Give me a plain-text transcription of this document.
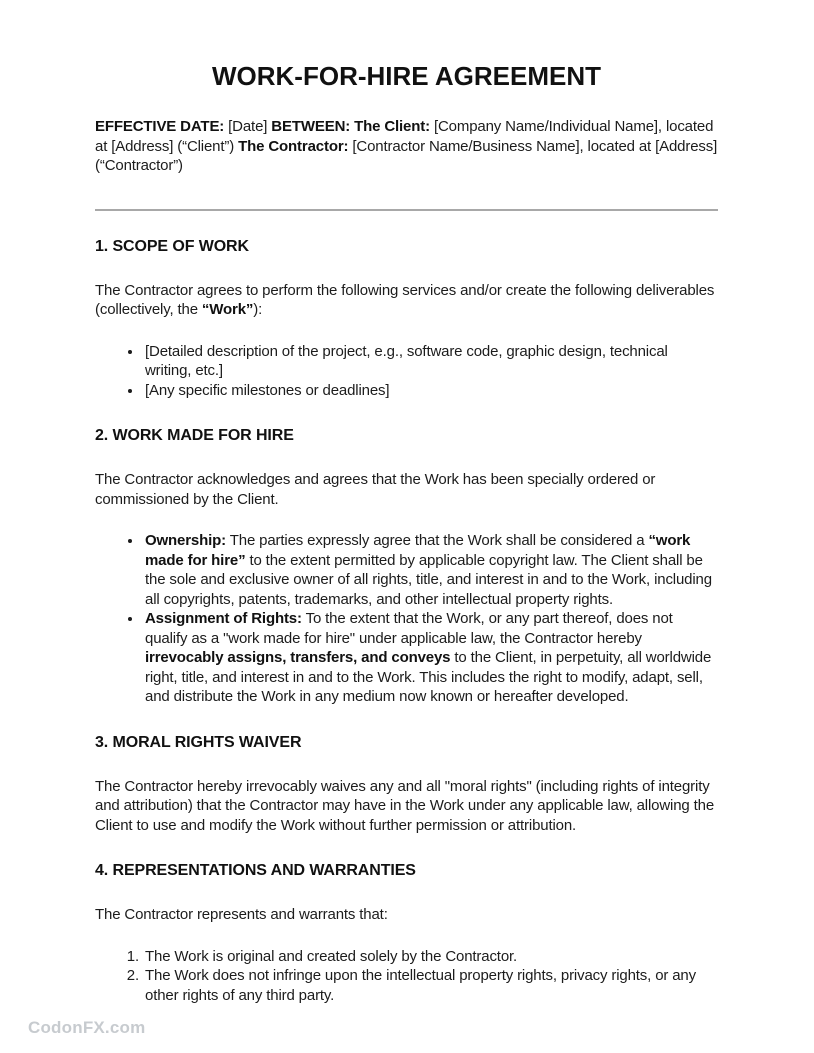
WORK-FOR-HIRE AGREEMENT

EFFECTIVE DATE: [Date] BETWEEN: The Client: [Company Name/Individual Name], located at [Address] (“Client”) The Contractor: [Contractor Name/Business Name], located at [Address] (“Contractor”)

1. SCOPE OF WORK

The Contractor agrees to perform the following services and/or create the following deliverables (collectively, the “Work”):

• [Detailed description of the project, e.g., software code, graphic design, technical writing, etc.]
• [Any specific milestones or deadlines]
2. WORK MADE FOR HIRE

The Contractor acknowledges and agrees that the Work has been specially ordered or commissioned by the Client.

• Ownership: The parties expressly agree that the Work shall be considered a “work made for hire” to the extent permitted by applicable copyright law. The Client shall be the sole and exclusive owner of all rights, title, and interest in and to the Work, including all copyrights, patents, trademarks, and other intellectual property rights.
• Assignment of Rights: To the extent that the Work, or any part thereof, does not qualify as a "work made for hire" under applicable law, the Contractor hereby irrevocably assigns, transfers, and conveys to the Client, in perpetuity, all worldwide right, title, and interest in and to the Work. This includes the right to modify, adapt, sell, and distribute the Work in any medium now known or hereafter developed.
3. MORAL RIGHTS WAIVER

The Contractor hereby irrevocably waives any and all "moral rights" (including rights of integrity and attribution) that the Contractor may have in the Work under any applicable law, allowing the Client to use and modify the Work without further permission or attribution.

4. REPRESENTATIONS AND WARRANTIES

The Contractor represents and warrants that:

1. The Work is original and created solely by the Contractor.
2. The Work does not infringe upon the intellectual property rights, privacy rights, or any other rights of any third party.
CodonFX.com
